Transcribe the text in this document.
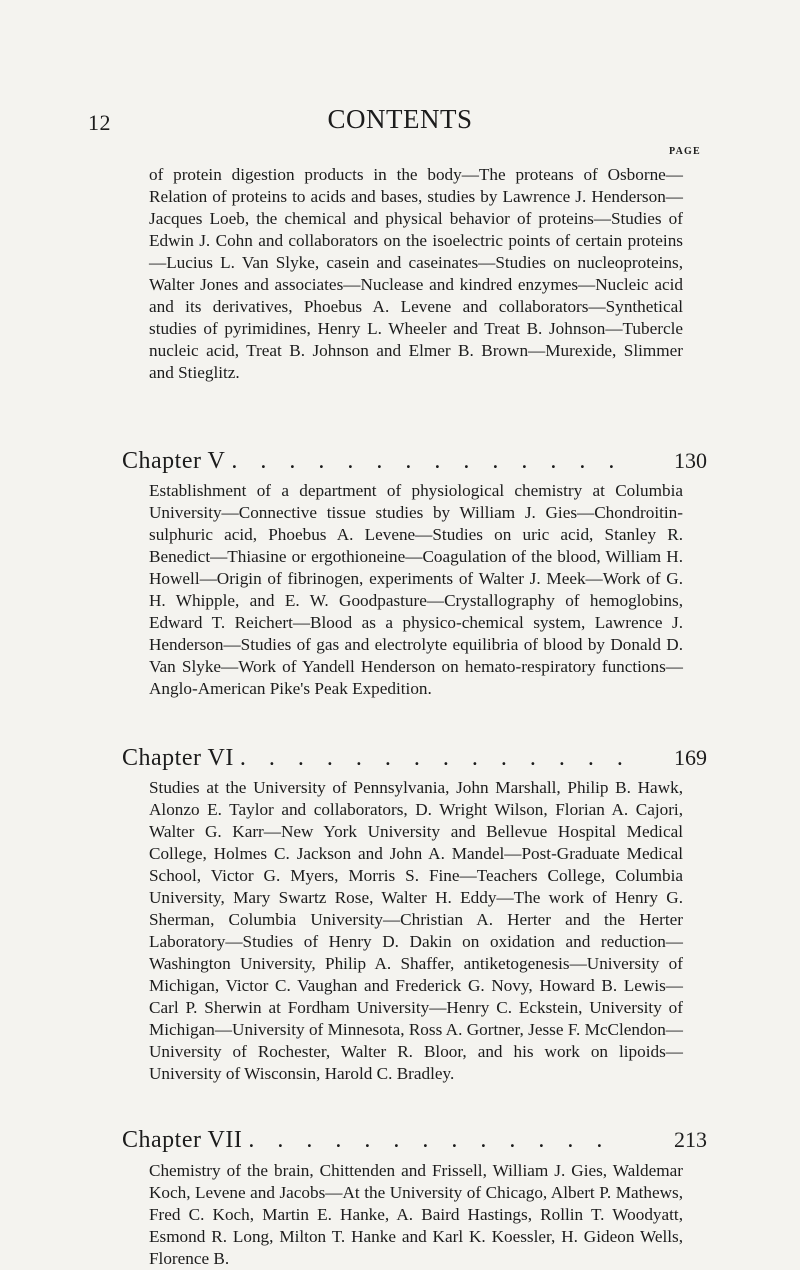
12	CONTENTS
PAGE

of protein digestion products in the body—The proteans of Osborne—Relation of proteins to acids and bases, studies by Lawrence J. Henderson—Jacques Loeb, the chemical and physical behavior of proteins—Studies of Edwin J. Cohn and collaborators on the isoelectric points of certain proteins—Lucius L. Van Slyke, casein and caseinates—Studies on nucleoproteins, Walter Jones and associates—Nuclease and kindred enzymes—Nucleic acid and its derivatives, Phoebus A. Levene and collaborators—Synthetical studies of pyrimidines, Henry L. Wheeler and Treat B. Johnson—Tubercle nucleic acid, Treat B. Johnson and Elmer B. Brown—Murexide, Slimmer and Stieglitz.

Chapter V . . . . . . . . . . . . . . 130

Establishment of a department of physiological chemistry at Columbia University—Connective tissue studies by William J. Gies—Chondroitin-sulphuric acid, Phoebus A. Levene—Studies on uric acid, Stanley R. Benedict—Thiasine or ergothioneine—Coagulation of the blood, William H. Howell—Origin of fibrinogen, experiments of Walter J. Meek—Work of G. H. Whipple, and E. W. Goodpasture—Crystallography of hemoglobins, Edward T. Reichert—Blood as a physico-chemical system, Lawrence J. Henderson—Studies of gas and electrolyte equilibria of blood by Donald D. Van Slyke—Work of Yandell Henderson on hemato-respiratory functions—Anglo-American Pike's Peak Expedition.

Chapter VI . . . . . . . . . . . . . . 169

Studies at the University of Pennsylvania, John Marshall, Philip B. Hawk, Alonzo E. Taylor and collaborators, D. Wright Wilson, Florian A. Cajori, Walter G. Karr—New York University and Bellevue Hospital Medical College, Holmes C. Jackson and John A. Mandel—Post-Graduate Medical School, Victor G. Myers, Morris S. Fine—Teachers College, Columbia University, Mary Swartz Rose, Walter H. Eddy—The work of Henry G. Sherman, Columbia University—Christian A. Herter and the Herter Laboratory—Studies of Henry D. Dakin on oxidation and reduction—Washington University, Philip A. Shaffer, antiketogenesis—University of Michigan, Victor C. Vaughan and Frederick G. Novy, Howard B. Lewis—Carl P. Sherwin at Fordham University—Henry C. Eckstein, University of Michigan—University of Minnesota, Ross A. Gortner, Jesse F. McClendon—University of Rochester, Walter R. Bloor, and his work on lipoids—University of Wisconsin, Harold C. Bradley.

Chapter VII . . . . . . . . . . . . .	213

Chemistry of the brain, Chittenden and Frissell, William J. Gies, Waldemar Koch, Levene and Jacobs—At the University of Chicago, Albert P. Mathews, Fred C. Koch, Martin E. Hanke, A. Baird Hastings, Rollin T. Woodyatt, Esmond R. Long, Milton T. Hanke and Karl K. Koessler, H. Gideon Wells, Florence B.
